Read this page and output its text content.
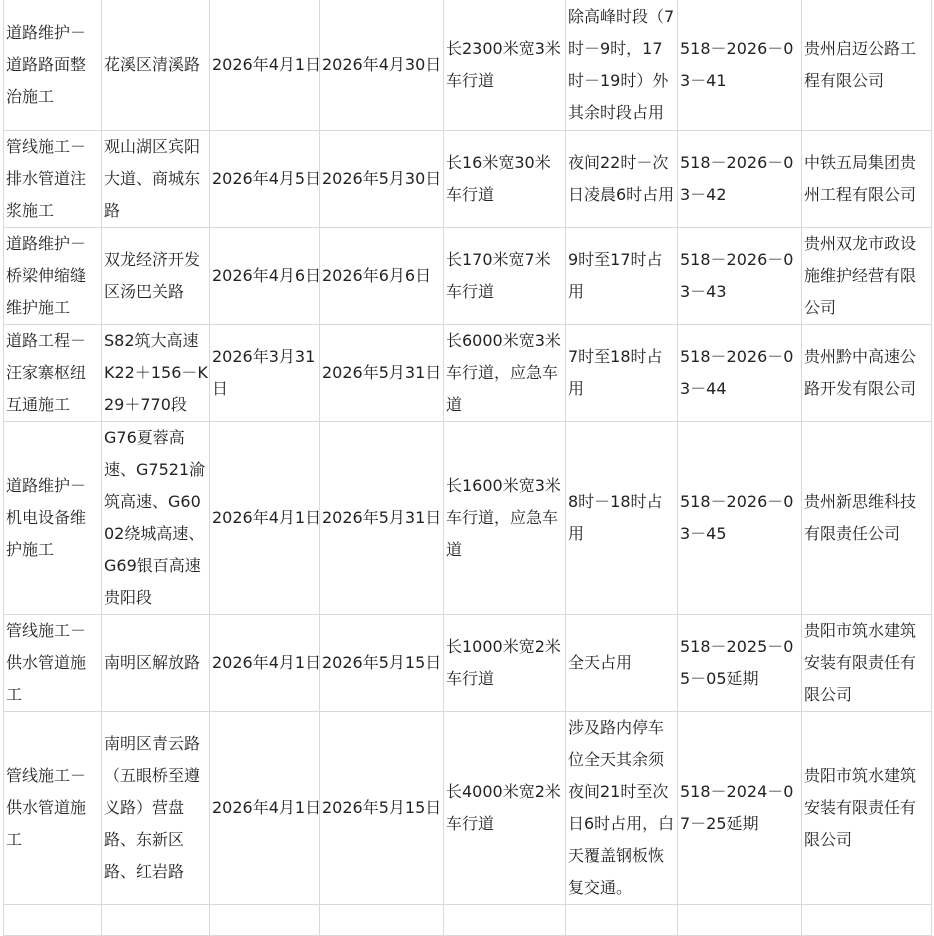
道路维护－道路路面整治施工	花溪区清溪路	2026年4月1日	2026年4月30日	长2300米宽3米车行道	除高峰时段（7时－9时，17时－19时）外其余时段占用	518－2026－03－41	贵州启迈公路工程有限公司
管线施工－排水管道注浆施工	观山湖区宾阳大道、商城东路	2026年4月5日	2026年5月30日	长16米宽30米车行道	夜间22时－次日凌晨6时占用	518－2026－03－42	中铁五局集团贵州工程有限公司
道路维护－桥梁伸缩缝维护施工	双龙经济开发区汤巴关路	2026年4月6日	2026年6月6日	长170米宽7米车行道	9时至17时占用	518－2026－03－43	贵州双龙市政设施维护经营有限公司
道路工程－汪家寨枢纽互通施工	S82筑大高速K22＋156－K29＋770段	2026年3月31日	2026年5月31日	长6000米宽3米车行道，应急车道	7时至18时占用	518－2026－03－44	贵州黔中高速公路开发有限公司
道路维护－机电设备维护施工	G76夏蓉高速、G7521渝筑高速、G6002绕城高速、G69银百高速贵阳段	2026年4月1日	2026年5月31日	长1600米宽3米车行道，应急车道	8时－18时占用	518－2026－03－45	贵州新思维科技有限责任公司
管线施工－供水管道施工	南明区解放路	2026年4月1日	2026年5月15日	长1000米宽2米车行道	全天占用	518－2025－05－05延期	贵阳市筑水建筑安装有限责任有限公司
管线施工－供水管道施工	南明区青云路（五眼桥至遵义路）营盘路、东新区路、红岩路	2026年4月1日	2026年5月15日	长4000米宽2米车行道	涉及路内停车位全天其余须夜间21时至次日6时占用，白天覆盖钢板恢复交通。	518－2024－07－25延期	贵阳市筑水建筑安装有限责任有限公司
